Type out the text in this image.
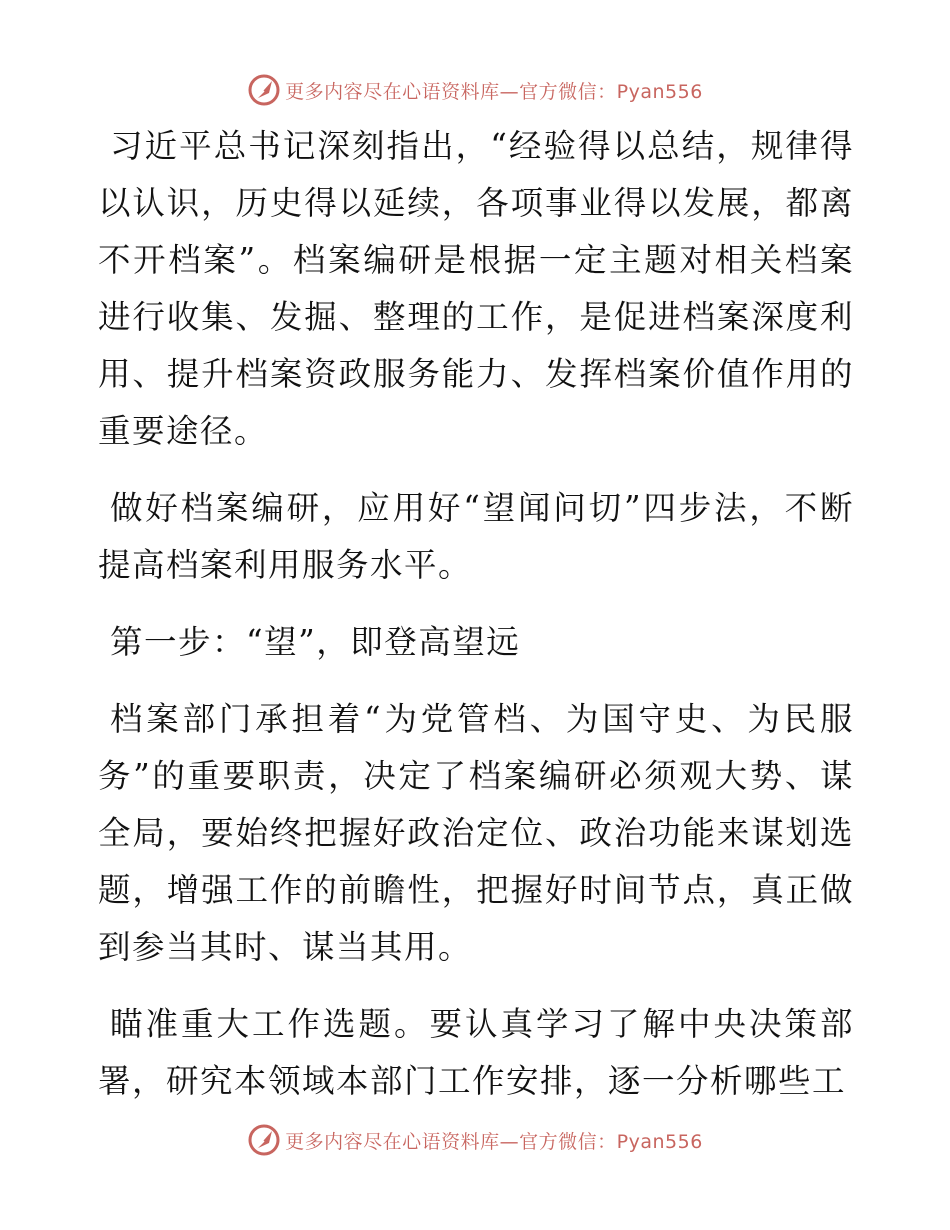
更多内容尽在心语资料库—官方微信：Pyan556

习近平总书记深刻指出，“经验得以总结，规律得以认识，历史得以延续，各项事业得以发展，都离不开档案”。档案编研是根据一定主题对相关档案进行收集、发掘、整理的工作，是促进档案深度利用、提升档案资政服务能力、发挥档案价值作用的重要途径。

做好档案编研，应用好“望闻问切”四步法，不断提高档案利用服务水平。

第一步：“望”，即登高望远

档案部门承担着“为党管档、为国守史、为民服务”的重要职责，决定了档案编研必须观大势、谋全局，要始终把握好政治定位、政治功能来谋划选题，增强工作的前瞻性，把握好时间节点，真正做到参当其时、谋当其用。

瞄准重大工作选题。要认真学习了解中央决策部署，研究本领域本部门工作安排，逐一分析哪些工

更多内容尽在心语资料库—官方微信：Pyan556
